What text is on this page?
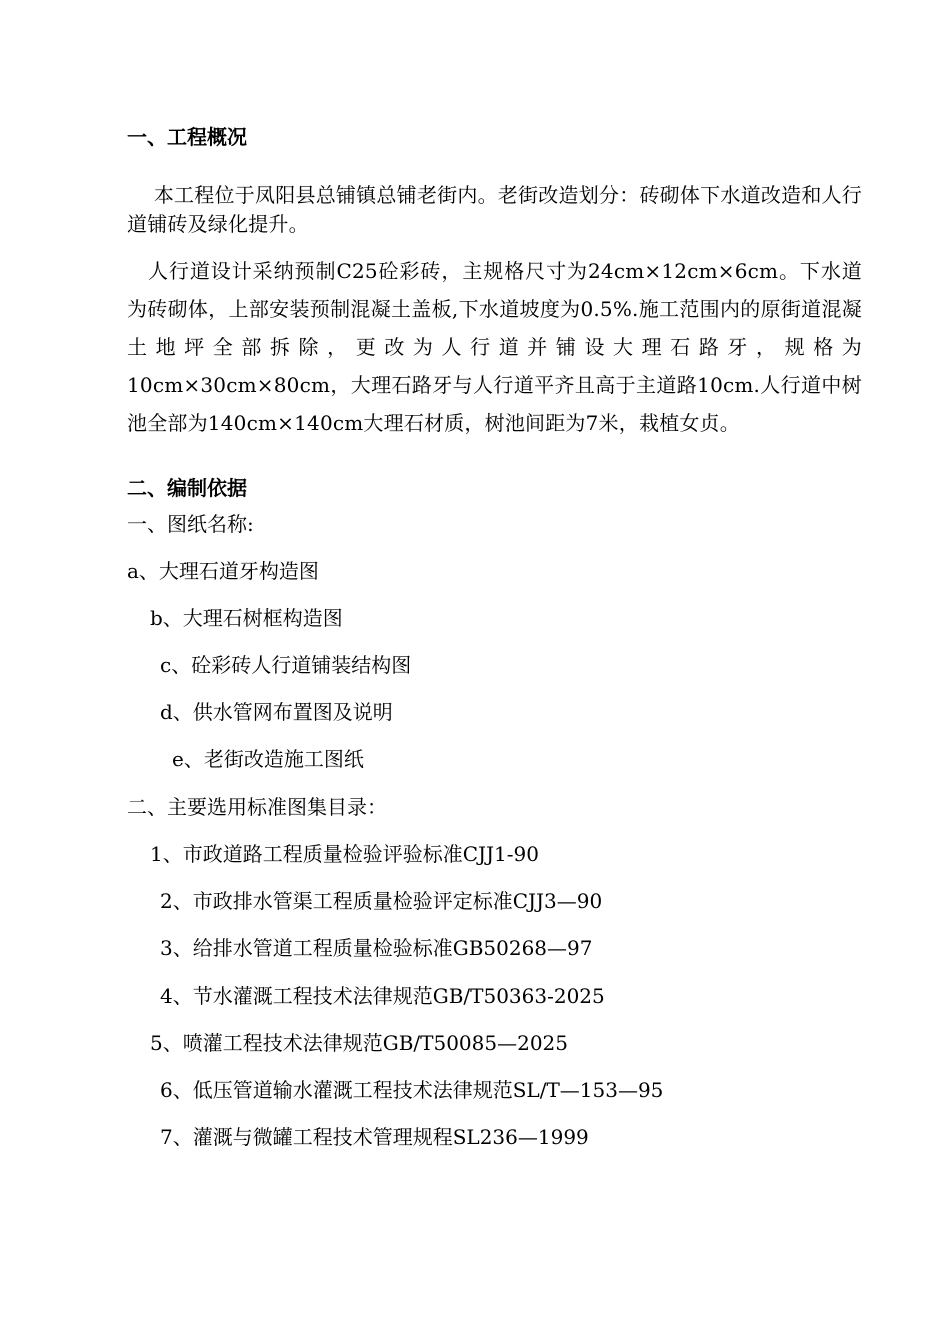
一、工程概况
　 本工程位于凤阳县总铺镇总铺老街内。老街改造划分：砖砌体下水道改造和人行道铺砖及绿化提升。
　人行道设计采纳预制C25砼彩砖，主规格尺寸为24cm×12cm×6cm。下水道为砖砌体，上部安装预制混凝土盖板,下水道坡度为0.5%.施工范围内的原街道混凝土地坪全部拆除，更改为人行道并铺设大理石路牙，规格为10cm×30cm×80cm，大理石路牙与人行道平齐且高于主道路10cm.人行道中树池全部为140cm×140cm大理石材质，树池间距为7米，栽植女贞。
二、编制依据
一、图纸名称:
a、大理石道牙构造图
b、大理石树框构造图
c、砼彩砖人行道铺装结构图
d、供水管网布置图及说明
e、老街改造施工图纸
二、主要选用标准图集目录：
1、市政道路工程质量检验评验标准CJJ1-90
2、市政排水管渠工程质量检验评定标准CJJ3—90
3、给排水管道工程质量检验标准GB50268—97
4、节水灌溉工程技术法律规范GB/T50363-2025
5、喷灌工程技术法律规范GB/T50085—2025
6、低压管道输水灌溉工程技术法律规范SL/T—153—95
7、灌溉与微罐工程技术管理规程SL236—1999
